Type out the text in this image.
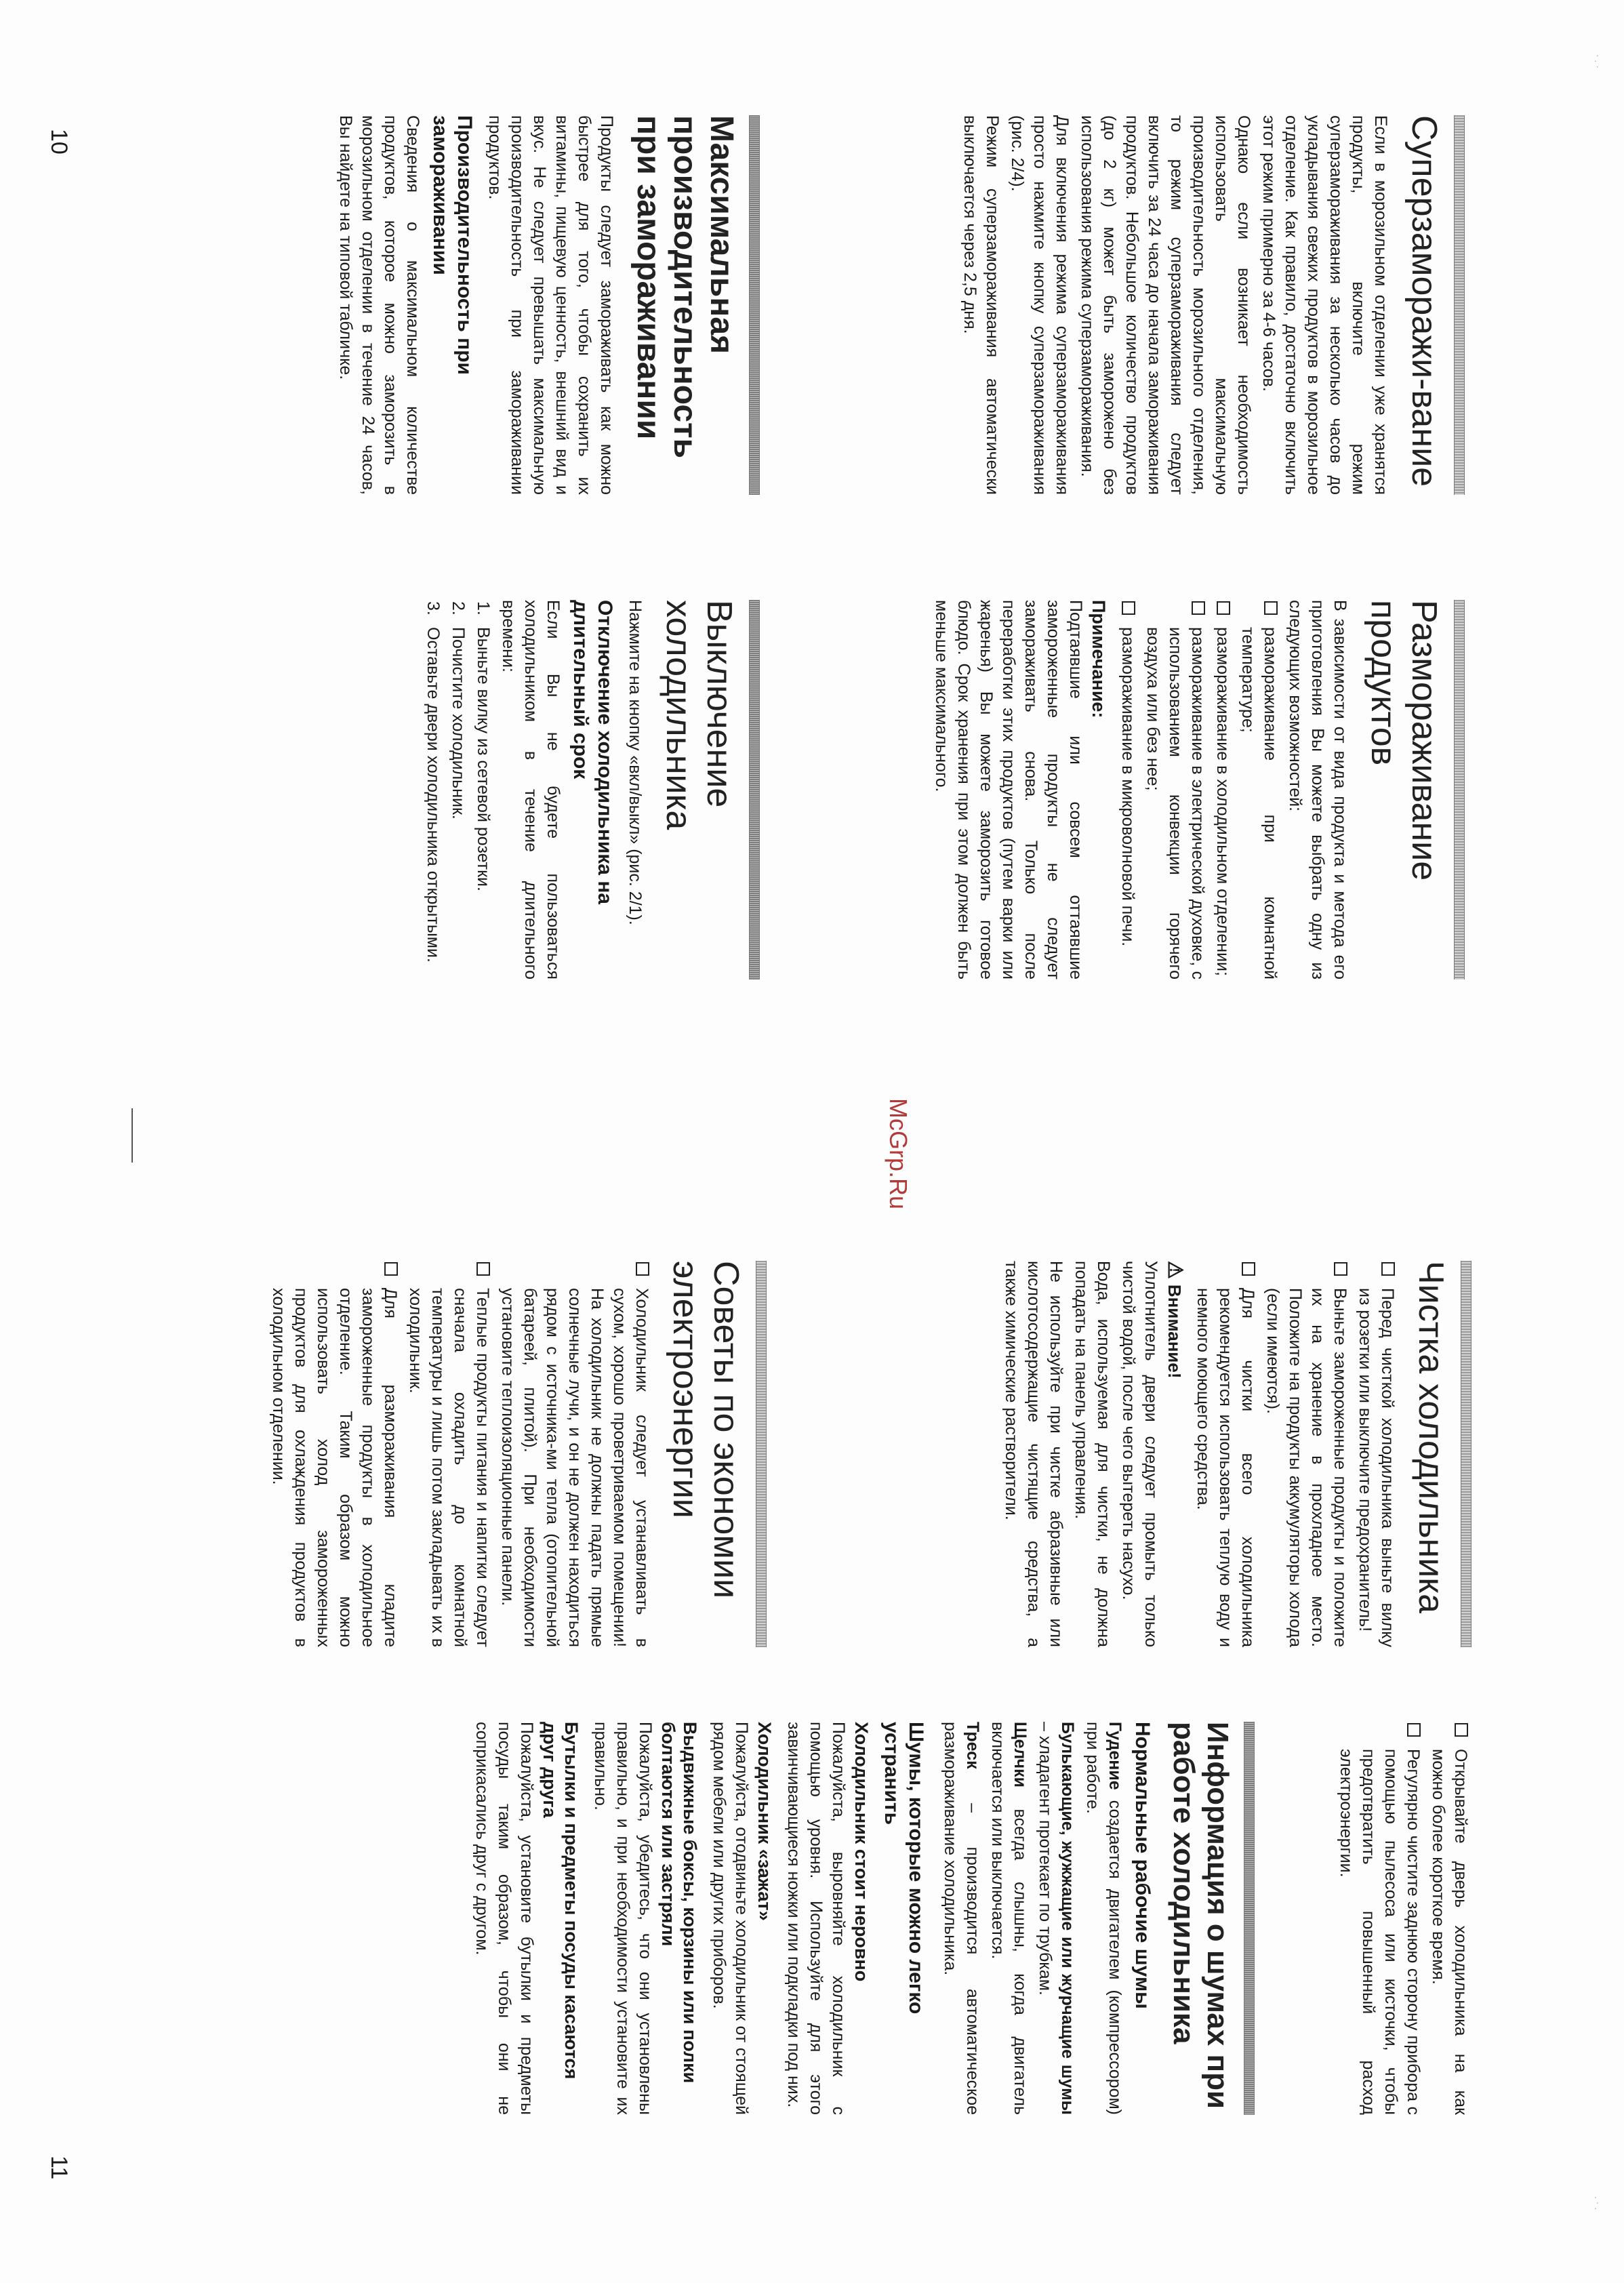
· . ·
. · .
Суперзаморажи-вание
Если в морозильном отделении уже хранятся продукты, включите режим суперзамораживания за несколько часов до укладывания свежих продуктов в морозильное отделение. Как правило, достаточно включить этот режим примерно за 4-6 часов.
Однако если возникает необходимость использовать максимальную производительность морозильного отделения, то режим суперзамораживания следует включить за 24 часа до начала замораживания продуктов. Небольшое количество продуктов (до 2 кг) может быть заморожено без использования режима суперзамораживания.
Для включения режима суперзамораживания просто нажмите кнопку суперзамораживания (рис. 2/4).
Режим суперзамораживания автоматически выключается через 2,5 дня.
Максимальная производительность при замораживании
Продукты следует замораживать как можно быстрее для того, чтобы сохранить их витамины, пищевую ценность, внешний вид и вкус. Не следует превышать максимальную производительность при замораживании продуктов.
Производительность при замораживании
Сведения о максимальном количестве продуктов, которое можно заморозить в морозильном отделении в течение 24 часов, Вы найдете на типовой табличке.
Размораживание продуктов
В зависимости от вида продукта и метода его приготовления Вы можете выбрать одну из следующих возможностей:
размораживание при комнатной температуре;
размораживание в холодильном отделении;
размораживание в электрической духовке, с использованием конвекции горячего воздуха или без нее;
размораживание в микроволновой печи.
Примечание:
Подтаявшие или совсем оттаявшие замороженные продукты не следует замораживать снова. Только после переработки этих продуктов (путем варки или жаренья) Вы можете заморозить готовое блюдо. Срок хранения при этом должен быть меньше максимального.
Выключение холодильника
Нажмите на кнопку «вкл/выкл» (рис. 2/1).
Отключение холодильника на длительный срок
Если Вы не будете пользоваться холодильником в течение длительного времени:
1.
Выньте вилку из сетевой розетки.
2.
Почистите холодильник.
3.
Оставьте двери холодильника открытыми.
McGrp.Ru
Чистка холодильника
Перед чисткой холодильника выньте вилку из розетки или выключите предохранитель!
Выньте замороженные продукты и положите их на хранение в прохладное место. Положите на продукты аккумуляторы холода (если имеются).
Для чистки всего холодильника рекомендуется использовать теплую воду и немного моющего средства.
⚠Внимание!
Уплотнитель двери следует промыть только чистой водой, после чего вытереть насухо.
Вода, используемая для чистки, не должна попадать на панель управления.
Не используйте при чистке абразивные или кислотосодержащие чистящие средства, а также химические растворители.
Советы по экономии электроэнергии
Холодильник следует устанавливать в сухом, хорошо проветриваемом помещении! На холодильник не должны падать прямые солнечные лучи, и он не должен находиться рядом с источника-ми тепла (отопительной батареей, плитой). При необходимости установите теплоизоляционные панели.
Теплые продукты питания и напитки следует сначала охладить до комнатной температуры и лишь потом закладывать их в холодильник.
Для размораживания кладите замороженные продукты в холодильное отделение. Таким образом можно использовать холод замороженных продуктов для охлаждения продуктов в холодильном отделении.
Открывайте дверь холодильника на как можно более короткое время.
Регулярно чистите заднюю сторону прибора с помощью пылесоса или кисточки, чтобы предотвратить повышенный расход электроэнергии.
Информация о шумах при работе холодильника
Нормальные рабочие шумы
Гудение создается двигателем (компрессором) при работе.
Булькающие, жужжащие или журчащие шумы – хладагент протекает по трубкам.
Щелчки всегда слышны, когда двигатель включается или выключается.
Треск – производится автоматическое размораживание холодильника.
Шумы, которые можно легко устранить
Холодильник стоит неровно
Пожалуйста, выровняйте холодильник с помощью уровня. Используйте для этого завинчивающиеся ножки или подкладки под них.
Холодильник «зажат»
Пожалуйста, отодвиньте холодильник от стоящей рядом мебели или других приборов.
Выдвижные боксы, корзины или полки болтаются или застряли
Пожалуйста, убедитесь, что они установлены правильно, и при необходимости установите их правильно.
Бутылки и предметы посуды касаются друг друга
Пожалуйста, установите бутылки и предметы посуды таким образом, чтобы они не соприкасались друг с другом.
10
11
